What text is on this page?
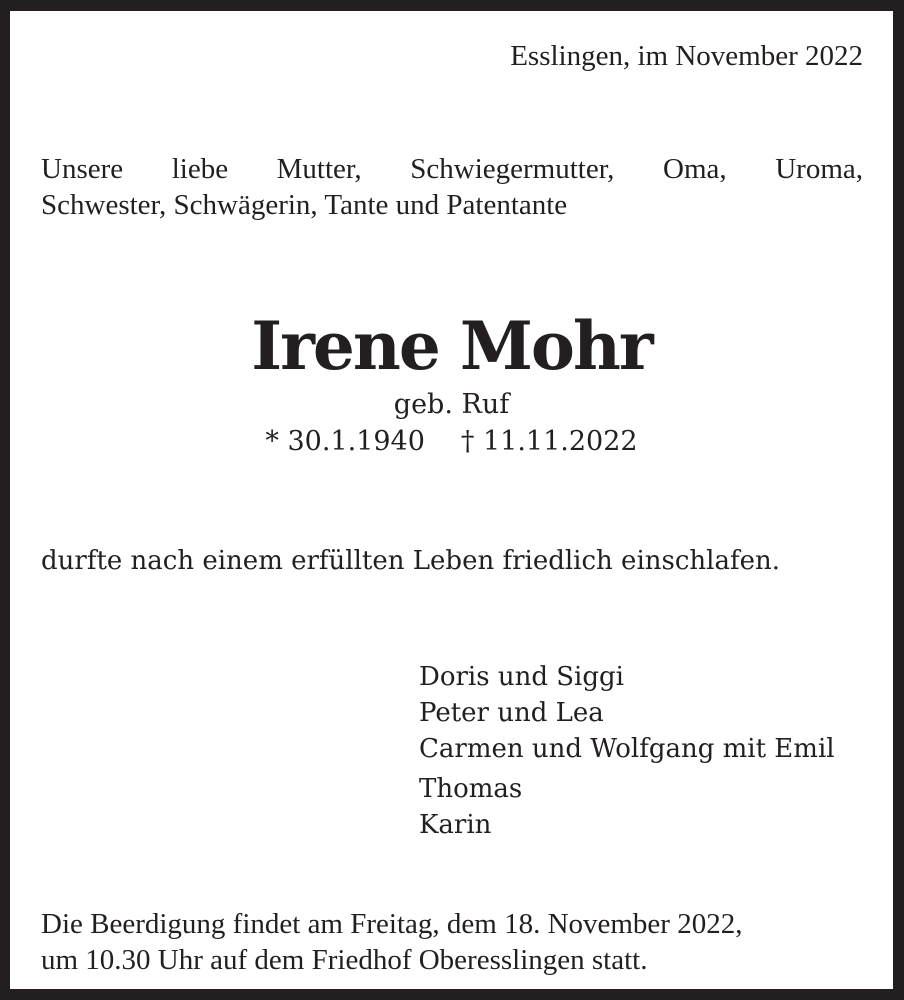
Esslingen, im November 2022
Unsere liebe Mutter, Schwiegermutter, Oma, Uroma,
Schwester, Schwägerin, Tante und Patentante
Irene Mohr
geb. Ruf
* 30.1.1940 † 11.11.2022
durfte nach einem erfüllten Leben friedlich einschlafen.
Doris und Siggi
Peter und Lea
Carmen und Wolfgang mit Emil
Thomas
Karin
Die Beerdigung findet am Freitag, dem 18. November 2022,
um 10.30 Uhr auf dem Friedhof Oberesslingen statt.
